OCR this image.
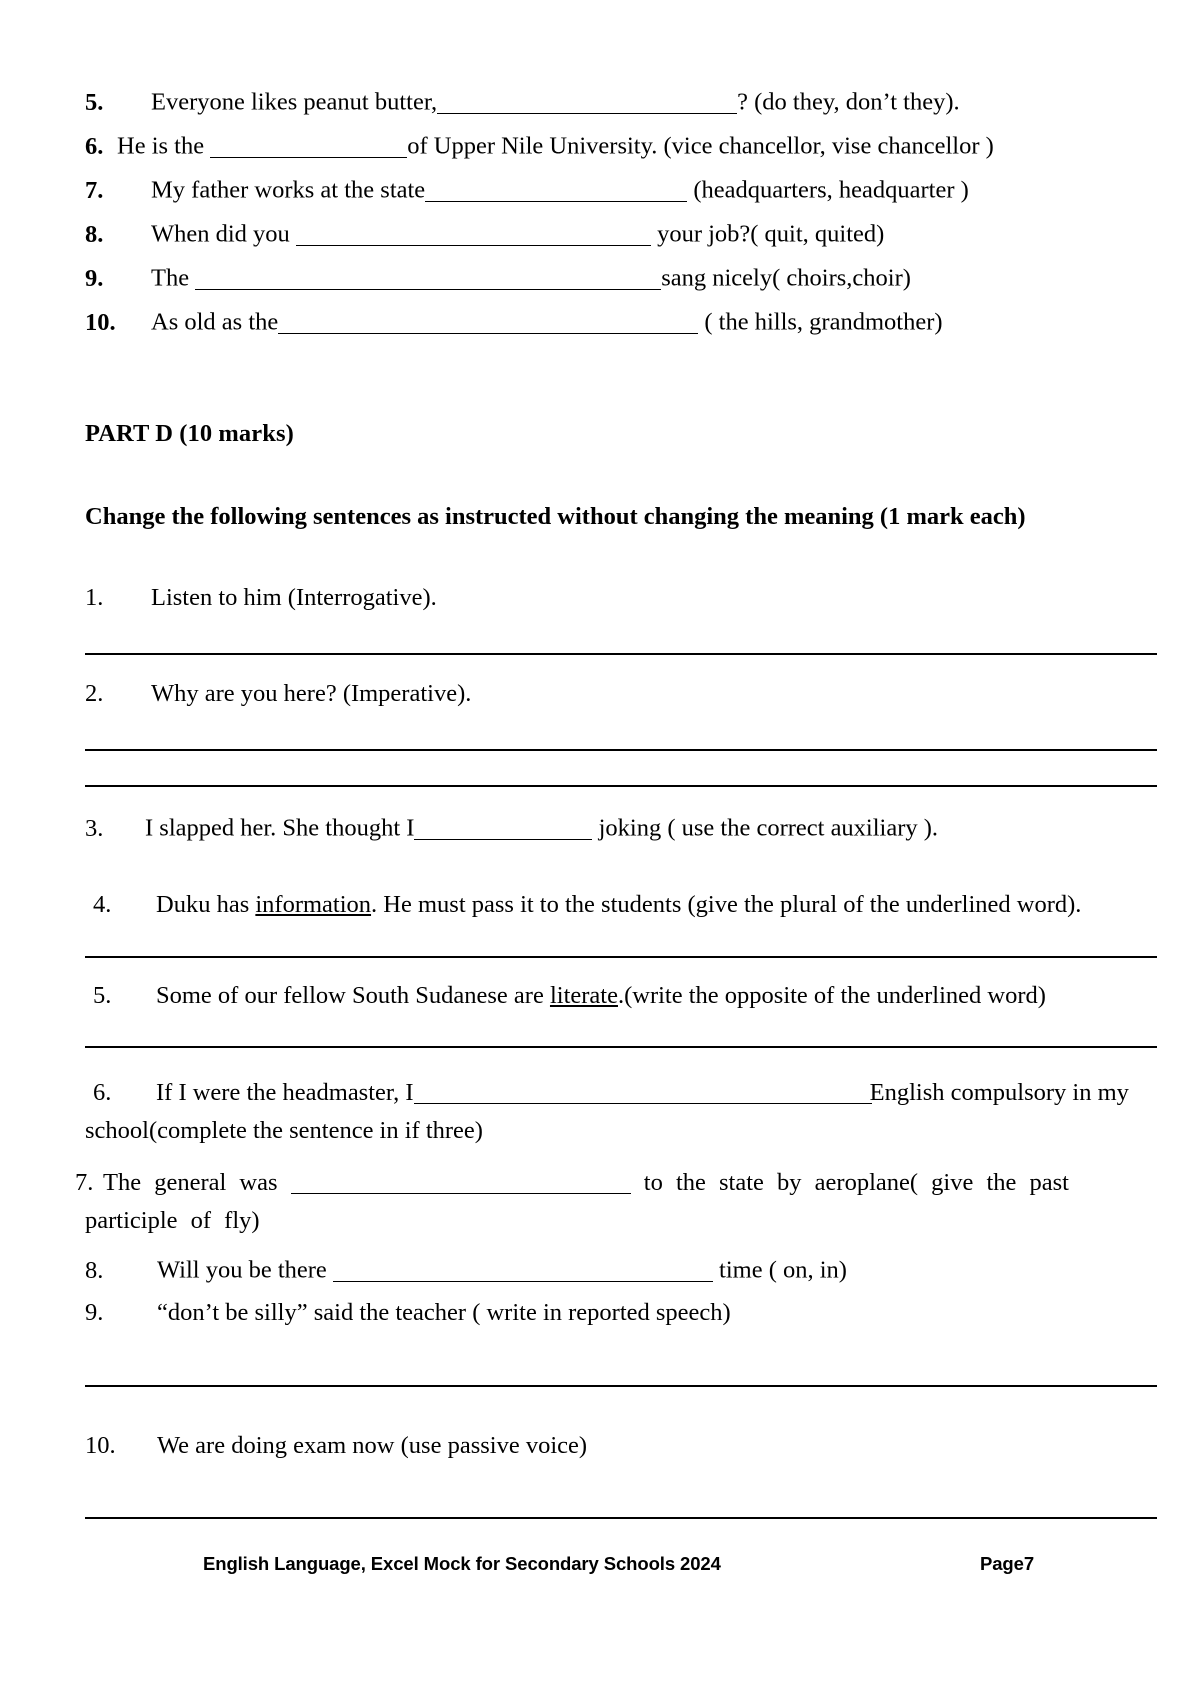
5.	Everyone likes peanut butter,	? (do they, don’t they).
6. He is the	of Upper Nile University. (vice chancellor, vise chancellor )
7.	My father works at the state	(headquarters, headquarter )
8.	When did you	your job?( quit, quited)
9.	The	sang nicely( choirs,choir)
10.	As old as the	( the hills, grandmother)
PART D (10 marks)
Change the following sentences as instructed without changing the meaning (1 mark each)
1.	Listen to him (Interrogative).
2.	Why are you here? (Imperative).
3.	I slapped her. She thought I	joking ( use the correct auxiliary ).
4.	Duku has information. He must pass it to the students (give the plural of the underlined word).
5.	Some of our fellow South Sudanese are literate.(write the opposite of the underlined word)
6. If I were the headmaster, I	English compulsory in my school(complete the sentence in if three)
7. The general was	to the state by aeroplane( give the past participle of fly)
8.	Will you be there	time ( on, in)
9.	“don’t be silly” said the teacher ( write in reported speech)
10.	We are doing exam now (use passive voice)
English Language, Excel Mock for Secondary Schools 2024	Page7
